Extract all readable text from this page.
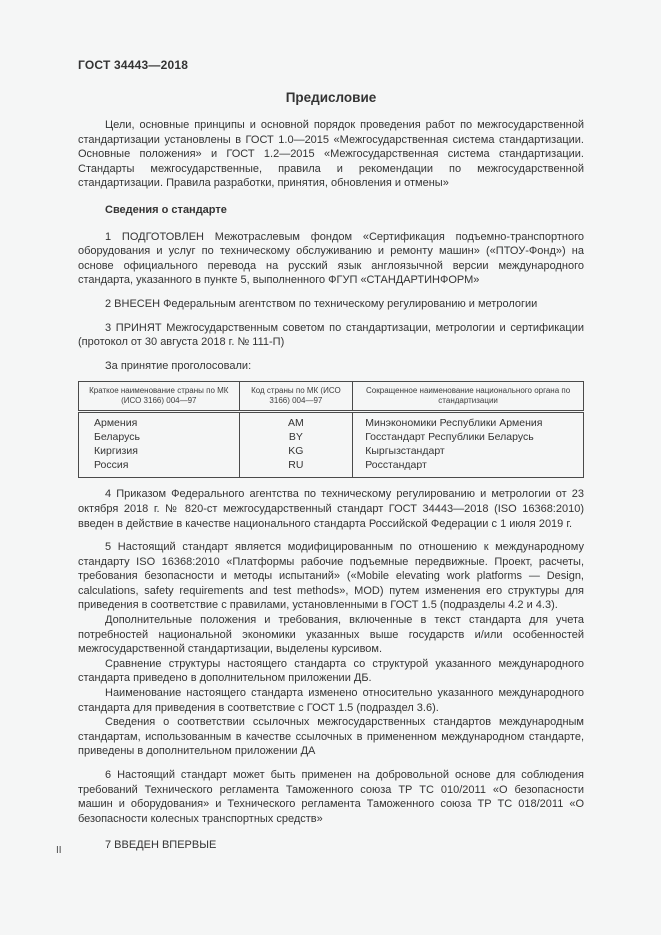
ГОСТ 34443—2018
Предисловие

Цели, основные принципы и основной порядок проведения работ по межгосударственной стандартизации установлены в ГОСТ 1.0—2015 «Межгосударственная система стандартизации. Основные положения» и ГОСТ 1.2—2015 «Межгосударственная система стандартизации. Стандарты межгосударственные, правила и рекомендации по межгосударственной стандартизации. Правила разработки, принятия, обновления и отмены»

Сведения о стандарте

1 ПОДГОТОВЛЕН Межотраслевым фондом «Сертификация подъемно-транспортного оборудования и услуг по техническому обслуживанию и ремонту машин» («ПТОУ-Фонд») на основе официального перевода на русский язык англоязычной версии международного стандарта, указанного в пункте 5, выполненного ФГУП «СТАНДАРТИНФОРМ»

2 ВНЕСЕН Федеральным агентством по техническому регулированию и метрологии

3 ПРИНЯТ Межгосударственным советом по стандартизации, метрологии и сертификации (протокол от 30 августа 2018 г. № 111-П)

За принятие проголосовали:

Краткое наименование страны по МК (ИСО 3166) 004—97	Код страны по МК (ИСО 3166) 004—97	Сокращенное наименование национального органа по стандартизации
Армения	AM	Минэкономики Республики Армения
Беларусь	BY	Госстандарт Республики Беларусь
Киргизия	KG	Кыргызстандарт
Россия	RU	Росстандарт

4 Приказом Федерального агентства по техническому регулированию и метрологии от 23 октября 2018 г. № 820-ст межгосударственный стандарт ГОСТ 34443—2018 (ISO 16368:2010) введен в действие в качестве национального стандарта Российской Федерации с 1 июля 2019 г.

5 Настоящий стандарт является модифицированным по отношению к международному стандарту ISO 16368:2010 «Платформы рабочие подъемные передвижные. Проект, расчеты, требования безопасности и методы испытаний» («Mobile elevating work platforms — Design, calculations, safety requirements and test methods», MOD) путем изменения его структуры для приведения в соответствие с правилами, установленными в ГОСТ 1.5 (подразделы 4.2 и 4.3).

Дополнительные положения и требования, включенные в текст стандарта для учета потребностей национальной экономики указанных выше государств и/или особенностей межгосударственной стандартизации, выделены курсивом.

Сравнение структуры настоящего стандарта со структурой указанного международного стандарта приведено в дополнительном приложении ДБ.

Наименование настоящего стандарта изменено относительно указанного международного стандарта для приведения в соответствие с ГОСТ 1.5 (подраздел 3.6).

Сведения о соответствии ссылочных межгосударственных стандартов международным стандартам, использованным в качестве ссылочных в примененном международном стандарте, приведены в дополнительном приложении ДА

6 Настоящий стандарт может быть применен на добровольной основе для соблюдения требований Технического регламента Таможенного союза ТР ТС 010/2011 «О безопасности машин и оборудования» и Технического регламента Таможенного союза ТР ТС 018/2011 «О безопасности колесных транспортных средств»

7 ВВЕДЕН ВПЕРВЫЕ

II
